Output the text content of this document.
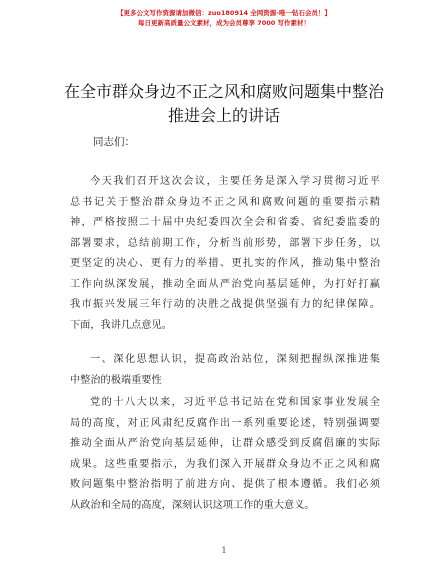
【更多公文写作资源请加微信：zuo180914 全网资源-唯一钻石会员！】
每日更新高质量公文素材，成为会员尊享 7000 写作素材！
在全市群众身边不正之风和腐败问题集中整治
推进会上的讲话
同志们：
今天我们召开这次会议，主要任务是深入学习贯彻习近平
总书记关于整治群众身边不正之风和腐败问题的重要指示精
神，严格按照二十届中央纪委四次全会和省委、省纪委监委的
部署要求，总结前期工作，分析当前形势，部署下步任务，以
更坚定的决心、更有力的举措、更扎实的作风，推动集中整治
工作向纵深发展，推动全面从严治党向基层延伸，为打好打赢
我市振兴发展三年行动的决胜之战提供坚强有力的纪律保障。
下面，我讲几点意见。
一、深化思想认识，提高政治站位，深刻把握纵深推进集
中整治的极端重要性
党的十八大以来，习近平总书记站在党和国家事业发展全
局的高度，对正风肃纪反腐作出一系列重要论述，特别强调要
推动全面从严治党向基层延伸，让群众感受到反腐倡廉的实际
成果。这些重要指示，为我们深入开展群众身边不正之风和腐
败问题集中整治指明了前进方向、提供了根本遵循。我们必须
从政治和全局的高度，深刻认识这项工作的重大意义。
1
